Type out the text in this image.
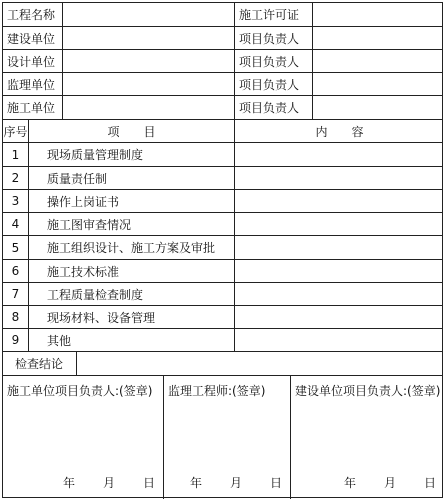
工程名称	施工许可证
建设单位	项目负责人
设计单位	项目负责人
监理单位	项目负责人
施工单位	项目负责人
序号	项　　目	内　　容
1	现场质量管理制度
2	质量责任制
3	操作上岗证书
4	施工图审查情况
5	施工组织设计、施工方案及审批
6	施工技术标准
7	工程质量检查制度
8	现场材料、设备管理
9	其他
检查结论
施工单位项目负责人:(签章)
年 月 日
监理工程师:(签章)
年 月 日
建设单位项目负责人:(签章)
年 月 日
